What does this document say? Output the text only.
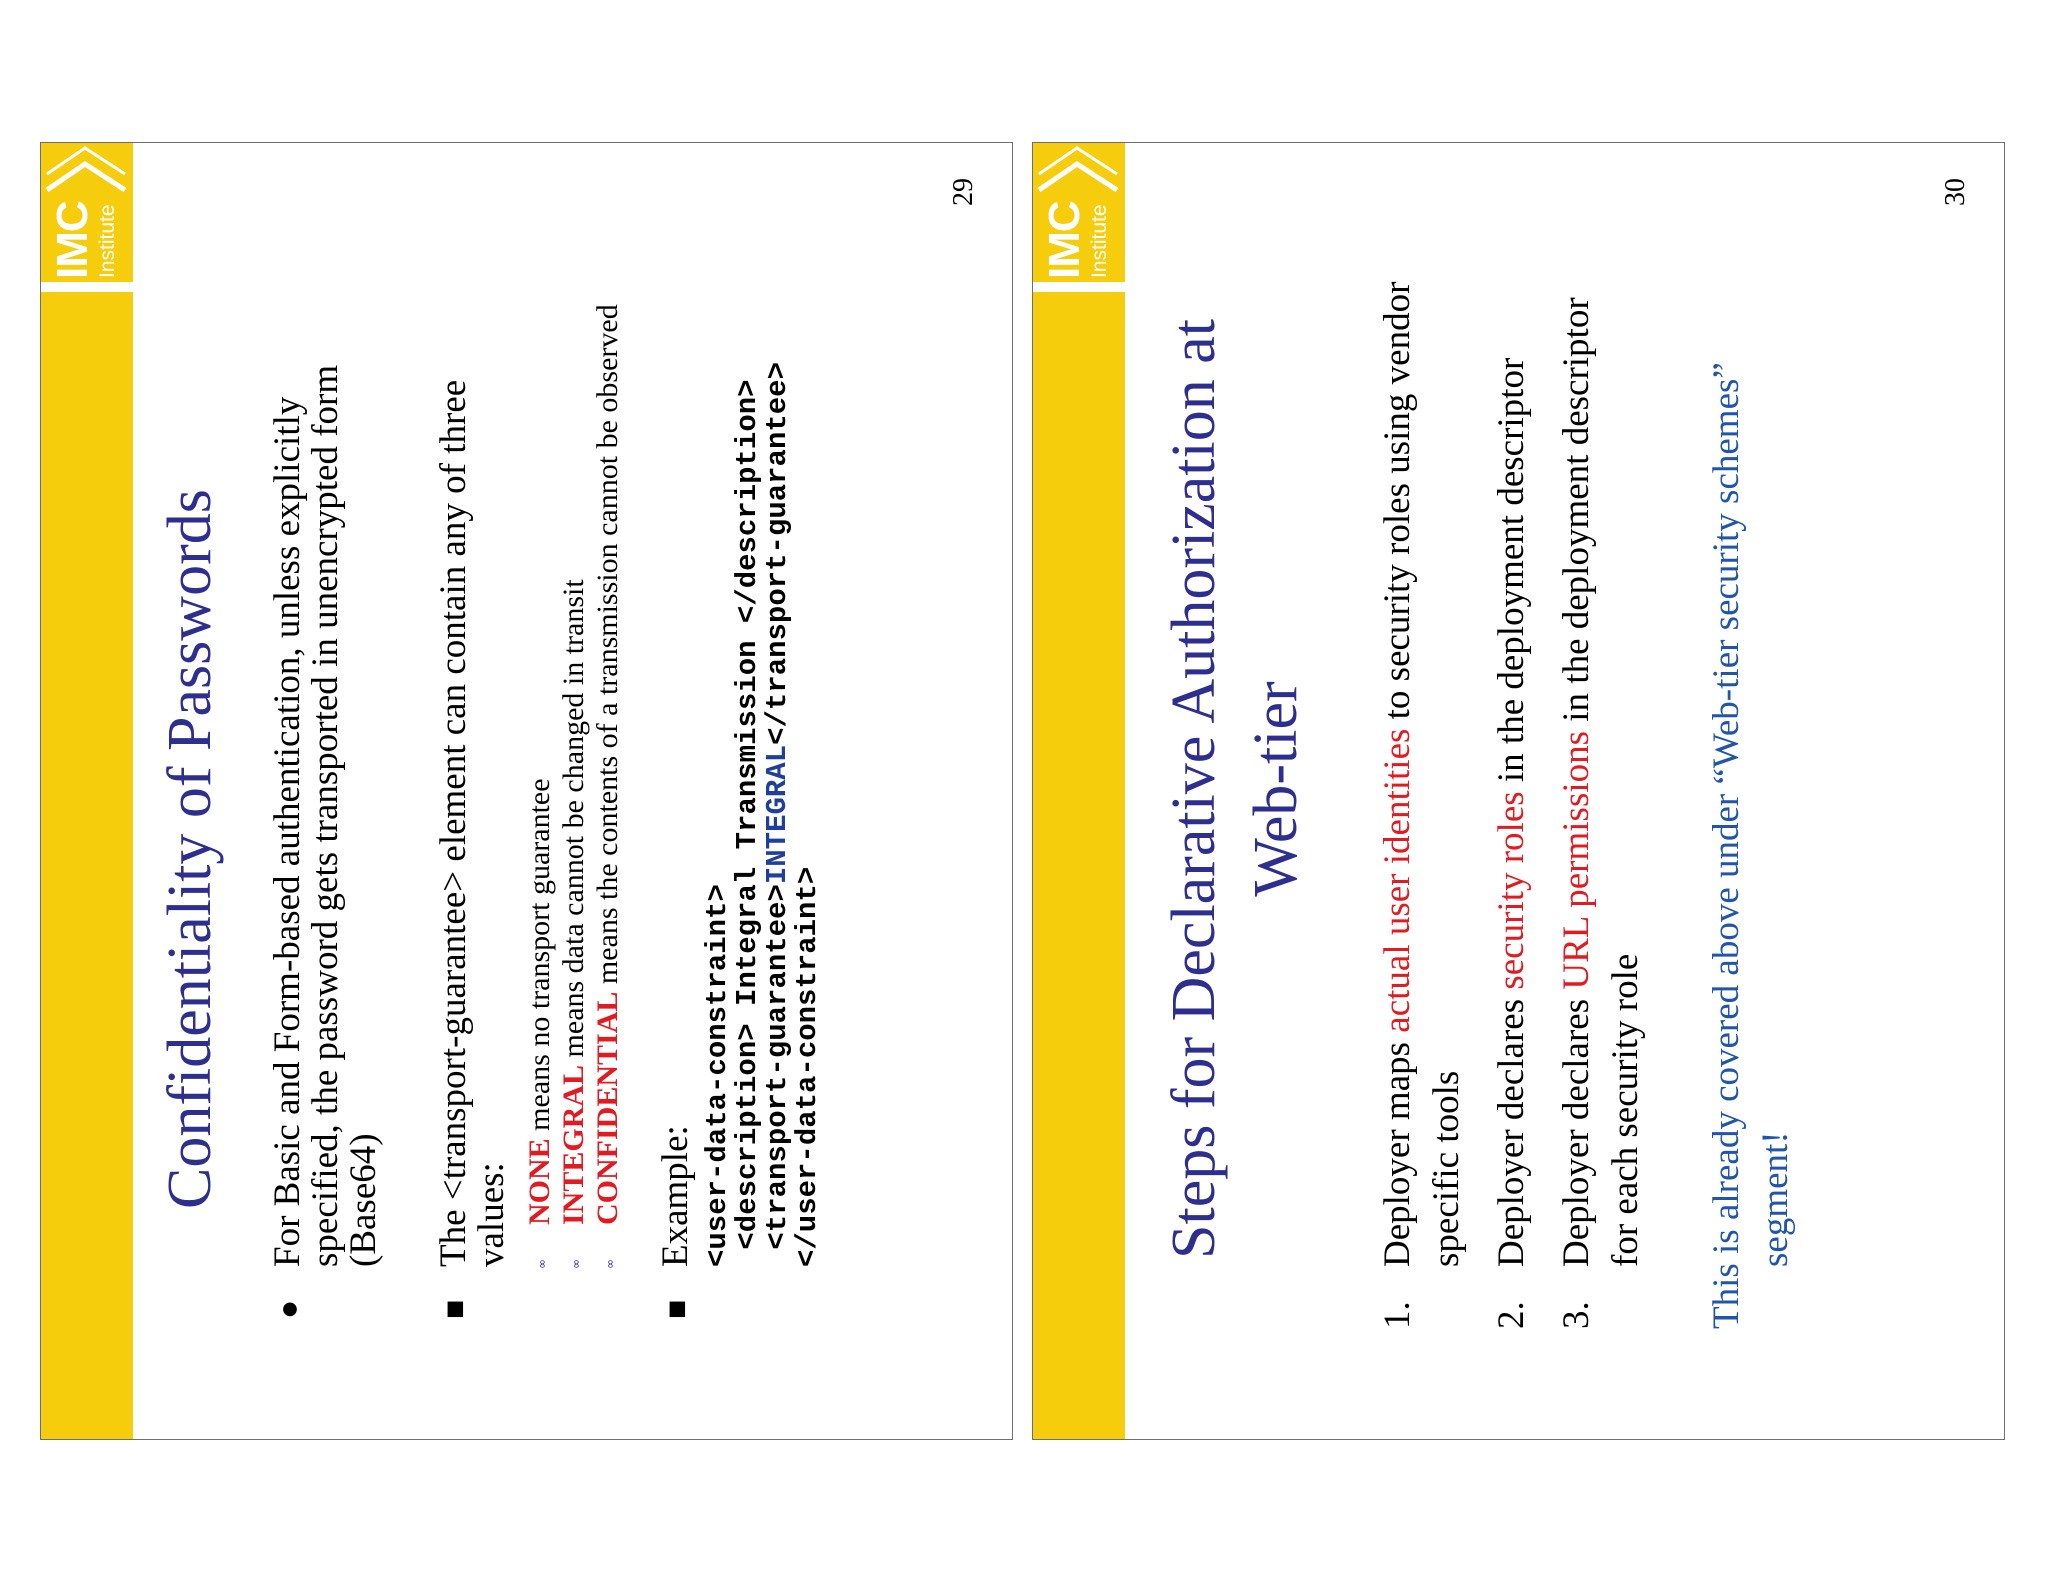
IMC Institute
Confidentiality of Passwords
●
For Basic and Form-based authentication, unless explicitly specified, the password gets transported in unencrypted form (Base64)
■
The <transport-guarantee> element can contain any of three values:	∞
NONE means no transport guarantee
∞
INTEGRAL means data cannot be changed in transit
∞
CONFIDENTIAL means the contents of a transmission cannot be observed
■
Example: <user-data-constraint>
<description> Integral Transmission </description>
<transport-guarantee>INTEGRAL</transport-guarantee>
</user-data-constraint>
29
IMC Institute
Steps for Declarative Authorization at Web-tier
1.
Deployer maps actual user identities to security roles using vendor specific tools
2.
Deployer declares security roles in the deployment descriptor
3.
Deployer declares URL permissions in the deployment descriptor for each security role This is already covered above under “Web-tier security schemes” segment!
30
